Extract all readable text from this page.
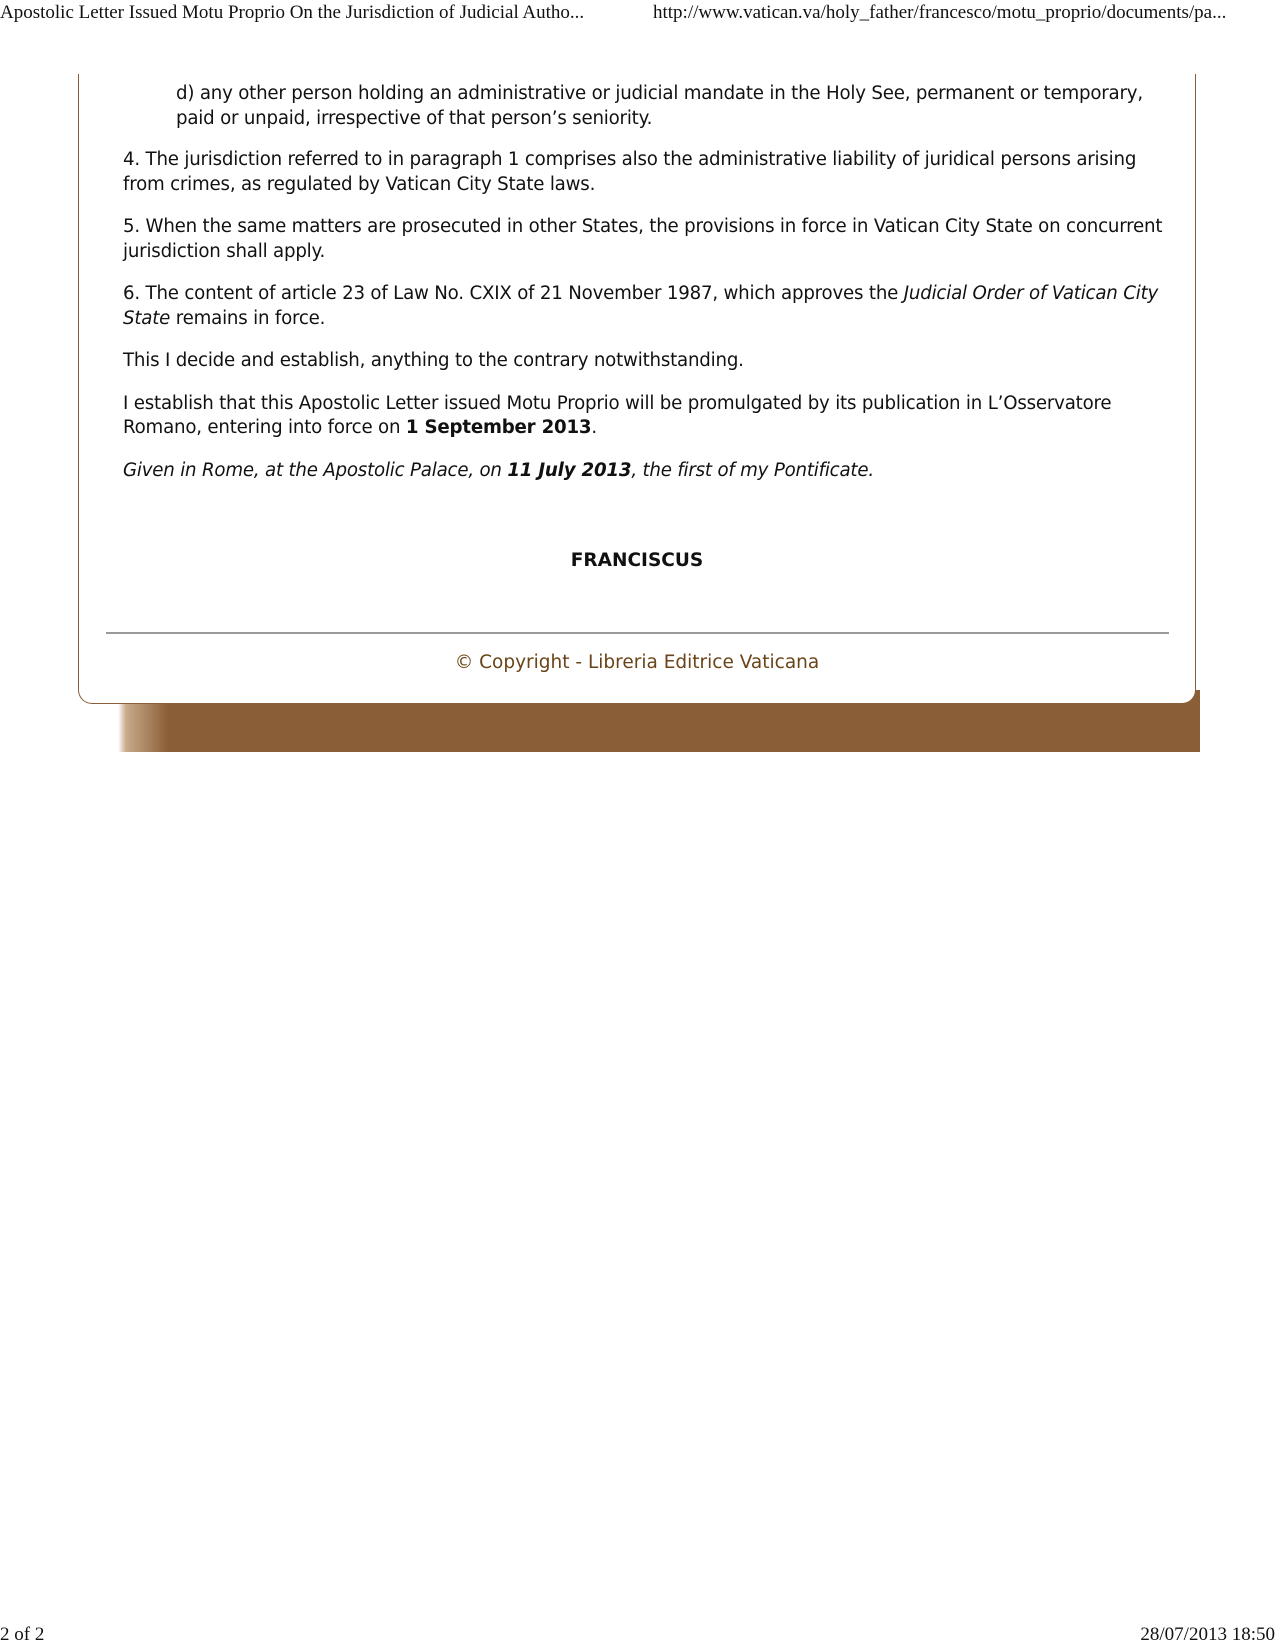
Apostolic Letter Issued Motu Proprio On the Jurisdiction of Judicial Autho...	http://www.vatican.va/holy_father/francesco/motu_proprio/documents/pa...

d) any other person holding an administrative or judicial mandate in the Holy See, permanent or temporary, paid or unpaid, irrespective of that person’s seniority.

4. The jurisdiction referred to in paragraph 1 comprises also the administrative liability of juridical persons arising from crimes, as regulated by Vatican City State laws.

5. When the same matters are prosecuted in other States, the provisions in force in Vatican City State on concurrent jurisdiction shall apply.

6. The content of article 23 of Law No. CXIX of 21 November 1987, which approves the Judicial Order of Vatican City State remains in force.

This I decide and establish, anything to the contrary notwithstanding.

I establish that this Apostolic Letter issued Motu Proprio will be promulgated by its publication in L’Osservatore Romano, entering into force on 1 September 2013.

Given in Rome, at the Apostolic Palace, on 11 July 2013, the first of my Pontificate.

FRANCISCUS
© Copyright - Libreria Editrice Vaticana
2 of 2	28/07/2013 18:50
